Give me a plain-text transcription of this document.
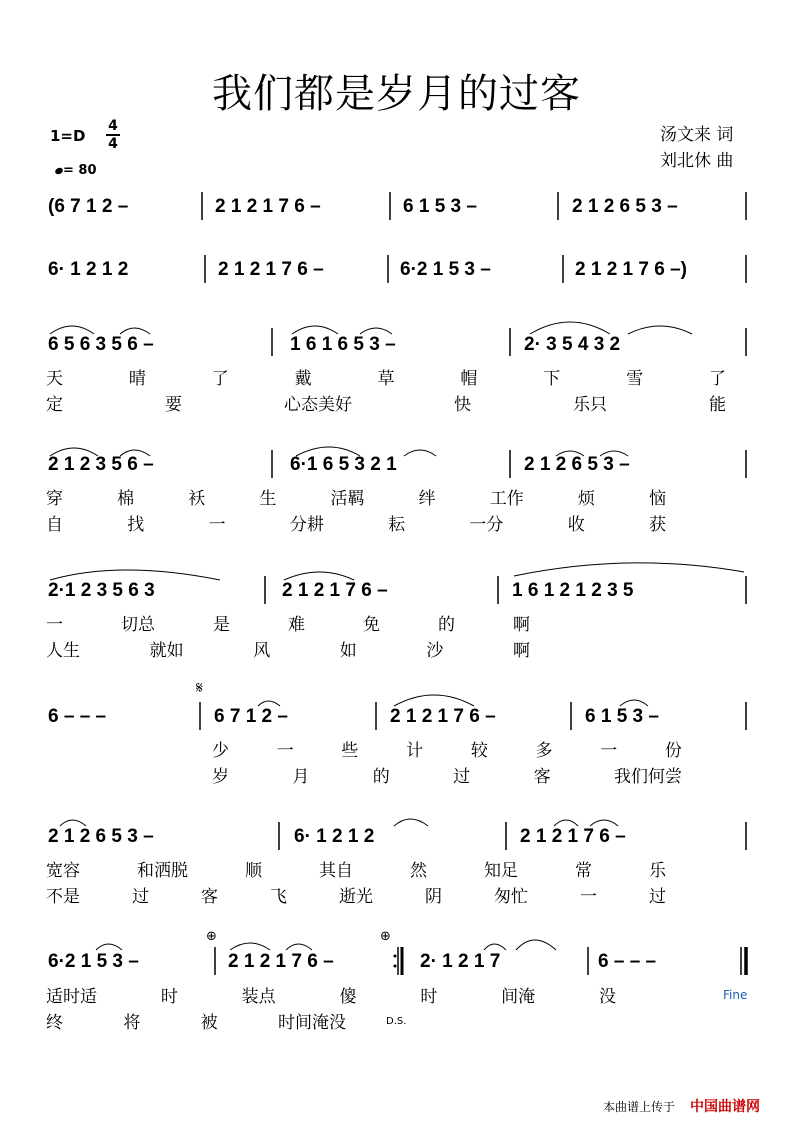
我们都是岁月的过客
汤文来 词
刘北休 曲
1=D
4
4
= 80
(6 7 1 2 –	2 1 2 1 7 6 –	6 1 5 3 –	2 1 2 6 5 3 –
6· 1 2 1 2	2 1 2 1 7 6 –	6·2 1 5 3 –	2 1 2 1 7 6 –)
6 5 6 3 5 6 –	1 6 1 6 5 3 –	2· 3 5 4 3 2
2 1 2 3 5 6 –	6·1 6 5 3 2 1	2 1 2 6 5 3 –
2·1 2 3 5 6 3	2 1 2 1 7 6 –	1 6 1 2 1 2 3 5
𝄋
6 – – –	6 7 1 2 –	2 1 2 1 7 6 –	6 1 5 3 –
2 1 2 6 5 3 –	6· 1 2 1 2	2 1 2 1 7 6 –
6·2 1 5 3 –
⊕
2 1 2 1 7 6 –
⊕
2· 1 2 1 7	6 – – –
天	晴	了	戴	草	帽	下	雪	了
定	要	心态美好	快	乐只	能
穿	棉	袄	生	活羁	绊	工作	烦	恼
自	找	一	分耕	耘	一分	收	获
一	切总	是	难	免	的	啊
人生	就如	风	如	沙	啊
少	一	些	计	较	多	一	份
岁	月	的	过	客	我们何尝
宽容	和洒脱	顺	其自	然	知足	常	乐
不是	过	客	飞	逝光	阴	匆忙	一	过
适时适	时	装点	傻	时	间淹	没
终	将	被	时间淹没
Fine
D.S.
本曲谱上传于 中国曲谱网
